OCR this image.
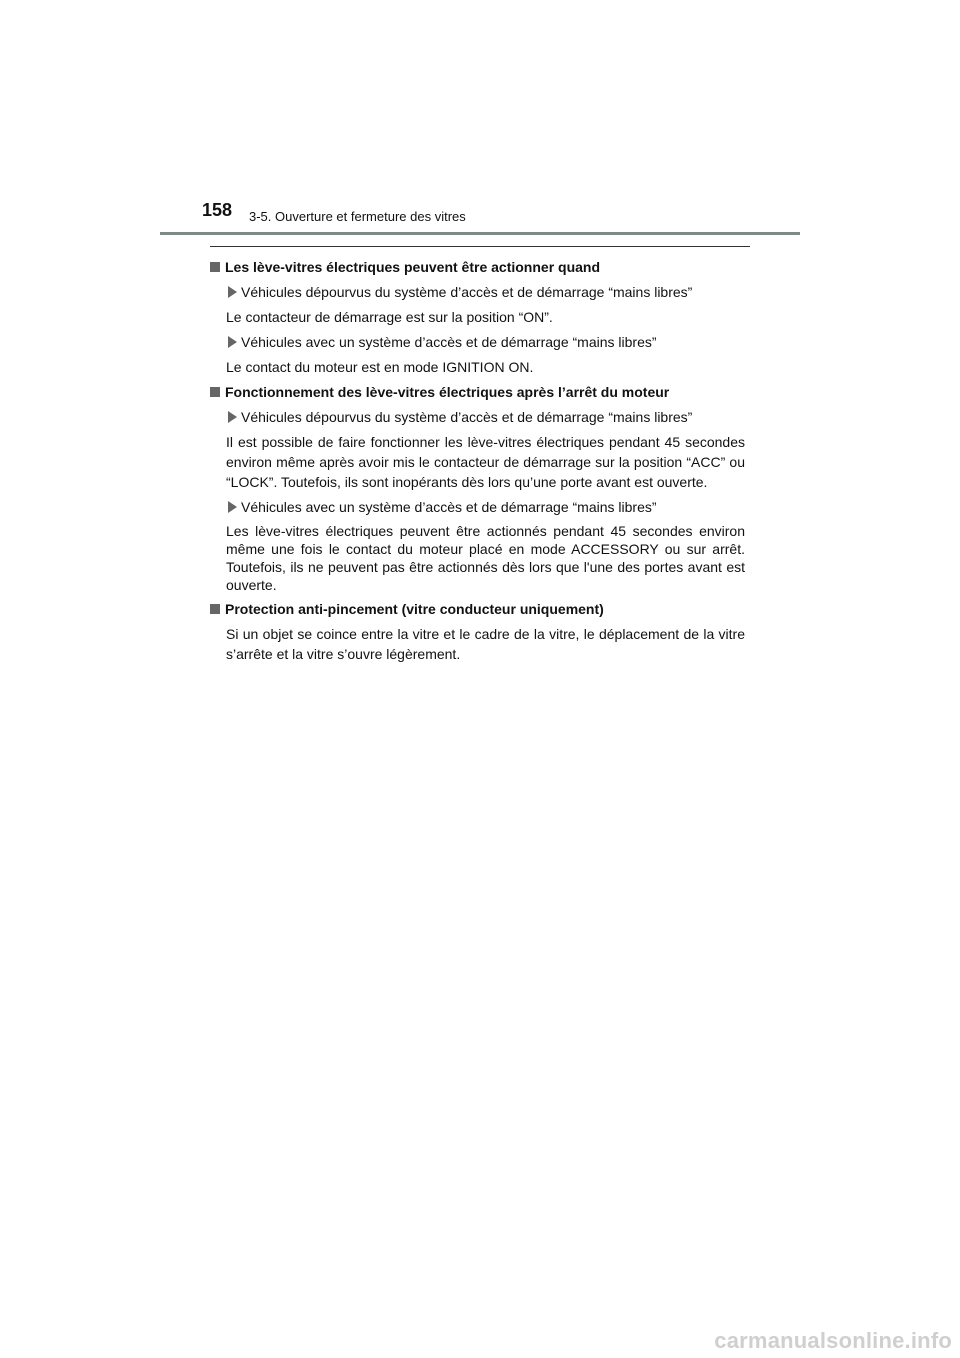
158 3-5. Ouverture et fermeture des vitres
Les lève-vitres électriques peuvent être actionner quand
Véhicules dépourvus du système d’accès et de démarrage “mains libres”

Le contacteur de démarrage est sur la position “ON”.

Véhicules avec un système d’accès et de démarrage “mains libres”

Le contact du moteur est en mode IGNITION ON.

Fonctionnement des lève-vitres électriques après l’arrêt du moteur
Véhicules dépourvus du système d’accès et de démarrage “mains libres”

Il est possible de faire fonctionner les lève-vitres électriques pendant 45 secondes environ même après avoir mis le contacteur de démarrage sur la position “ACC” ou “LOCK”. Toutefois, ils sont inopérants dès lors qu’une porte avant est ouverte.

Véhicules avec un système d’accès et de démarrage “mains libres”

Les lève-vitres électriques peuvent être actionnés pendant 45 secondes environ même une fois le contact du moteur placé en mode ACCESSORY ou sur arrêt. Toutefois, ils ne peuvent pas être actionnés dès lors que l'une des portes avant est ouverte.

Protection anti-pincement (vitre conducteur uniquement)

Si un objet se coince entre la vitre et le cadre de la vitre, le déplacement de la vitre s’arrête et la vitre s’ouvre légèrement.

carmanualsonline.info
